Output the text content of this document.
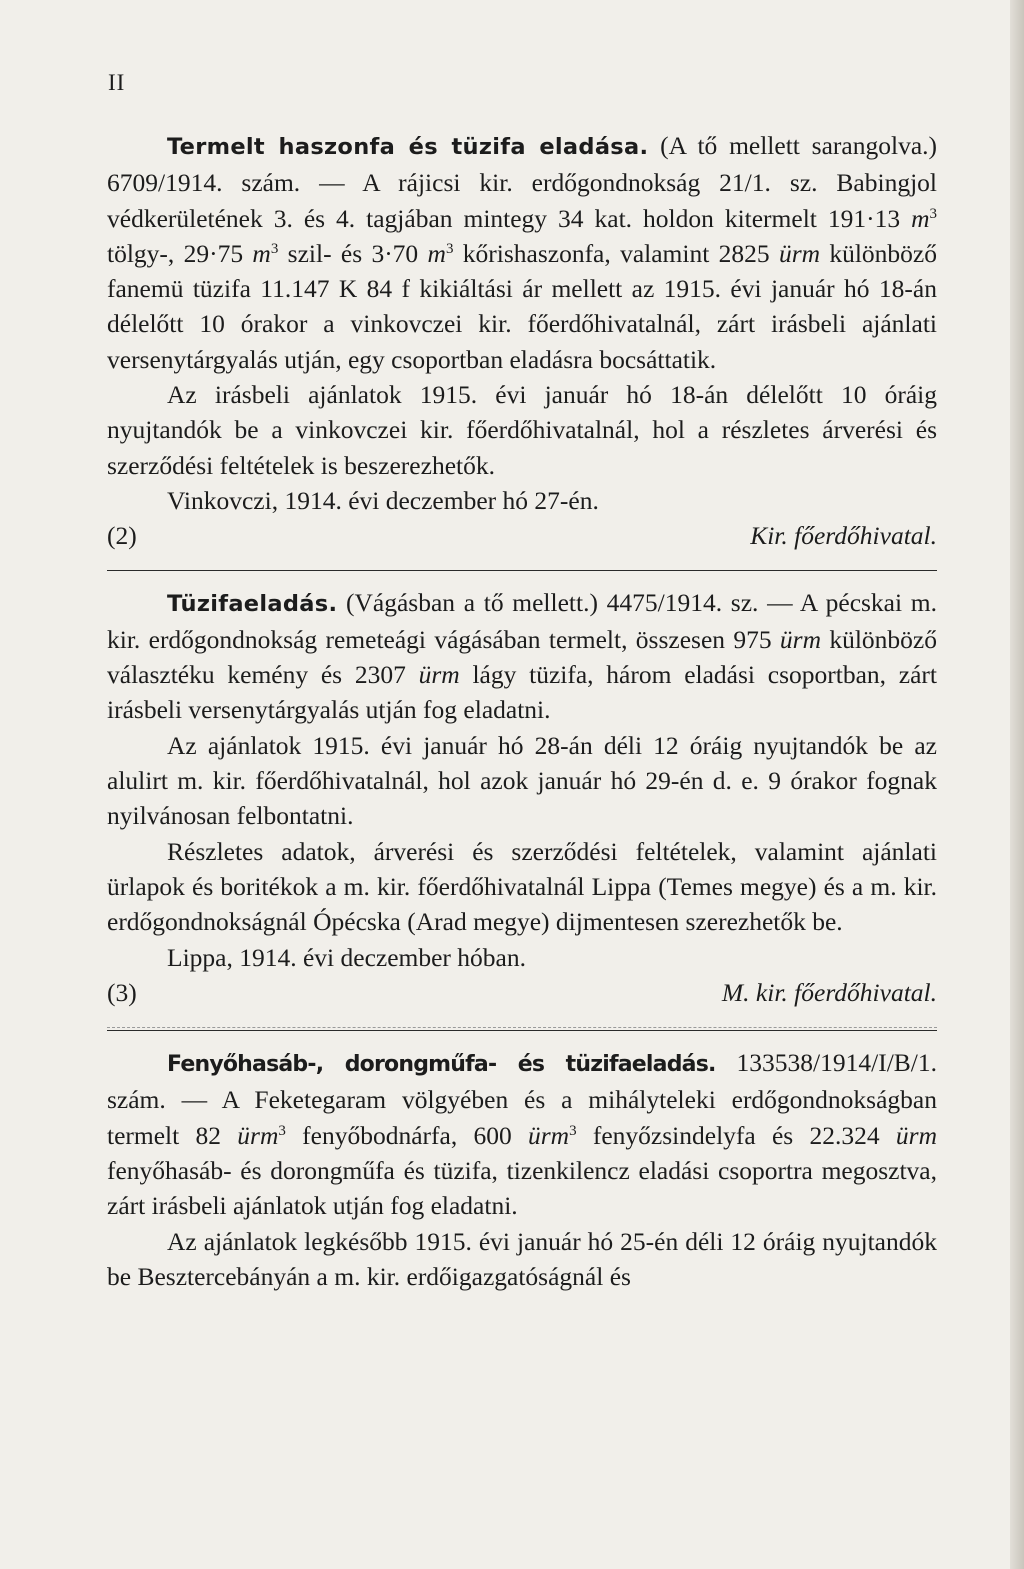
II

Termelt haszonfa és tüzifa eladása. (A tő mellett sarangolva.) 6709/1914. szám. — A rájicsi kir. erdőgondnokság 21/1. sz. Babingjol védkerületének 3. és 4. tagjában mintegy 34 kat. holdon kitermelt 191·13 $m^3$ tölgy-, 29·75 $m^3$ szil- és 3·70 $m^3$ kőrishaszonfa, valamint 2825 ürm különböző fanemü tüzifa 11.147 K 84 f kikiáltási ár mellett az 1915. évi január hó 18-án délelőtt 10 órakor a vinkovczei kir. főerdőhivatalnál, zárt irásbeli ajánlati versenytárgyalás utján, egy csoportban eladásra bocsáttatik.

Az irásbeli ajánlatok 1915. évi január hó 18-án délelőtt 10 óráig nyujtandók be a vinkovczei kir. főerdőhivatalnál, hol a részletes árverési és szerződési feltételek is beszerezhetők.

Vinkovczi, 1914. évi deczember hó 27-én.

(2)	Kir. főerdőhivatal.

Tüzifaeladás. (Vágásban a tő mellett.) 4475/1914. sz. — A pécskai m. kir. erdőgondnokság remeteági vágásában termelt, összesen 975 ürm különböző választéku kemény és 2307 ürm lágy tüzifa, három eladási csoportban, zárt irásbeli versenytárgyalás utján fog eladatni.

Az ajánlatok 1915. évi január hó 28-án déli 12 óráig nyujtandók be az alulirt m. kir. főerdőhivatalnál, hol azok január hó 29-én d. e. 9 órakor fognak nyilvánosan felbontatni.

Részletes adatok, árverési és szerződési feltételek, valamint ajánlati ürlapok és boritékok a m. kir. főerdőhivatalnál Lippa (Temes megye) és a m. kir. erdőgondnokságnál Ópécska (Arad megye) dijmentesen szerezhetők be.

Lippa, 1914. évi deczember hóban.

(3)	M. kir. főerdőhivatal.

Fenyőhasáb-, dorongműfa- és tüzifaeladás. 133538/1914/I/B/1. szám. — A Feketegaram völgyében és a mihályteleki erdőgondnokságban termelt 82 ürm$^3$ fenyőbodnárfa, 600 ürm$^3$ fenyőzsindelyfa és 22.324 ürm fenyőhasáb- és dorongműfa és tüzifa, tizenkilencz eladási csoportra megosztva, zárt irásbeli ajánlatok utján fog eladatni.

Az ajánlatok legkésőbb 1915. évi január hó 25-én déli 12 óráig nyujtandók be Besztercebányán a m. kir. erdőigazgatóságnál és
